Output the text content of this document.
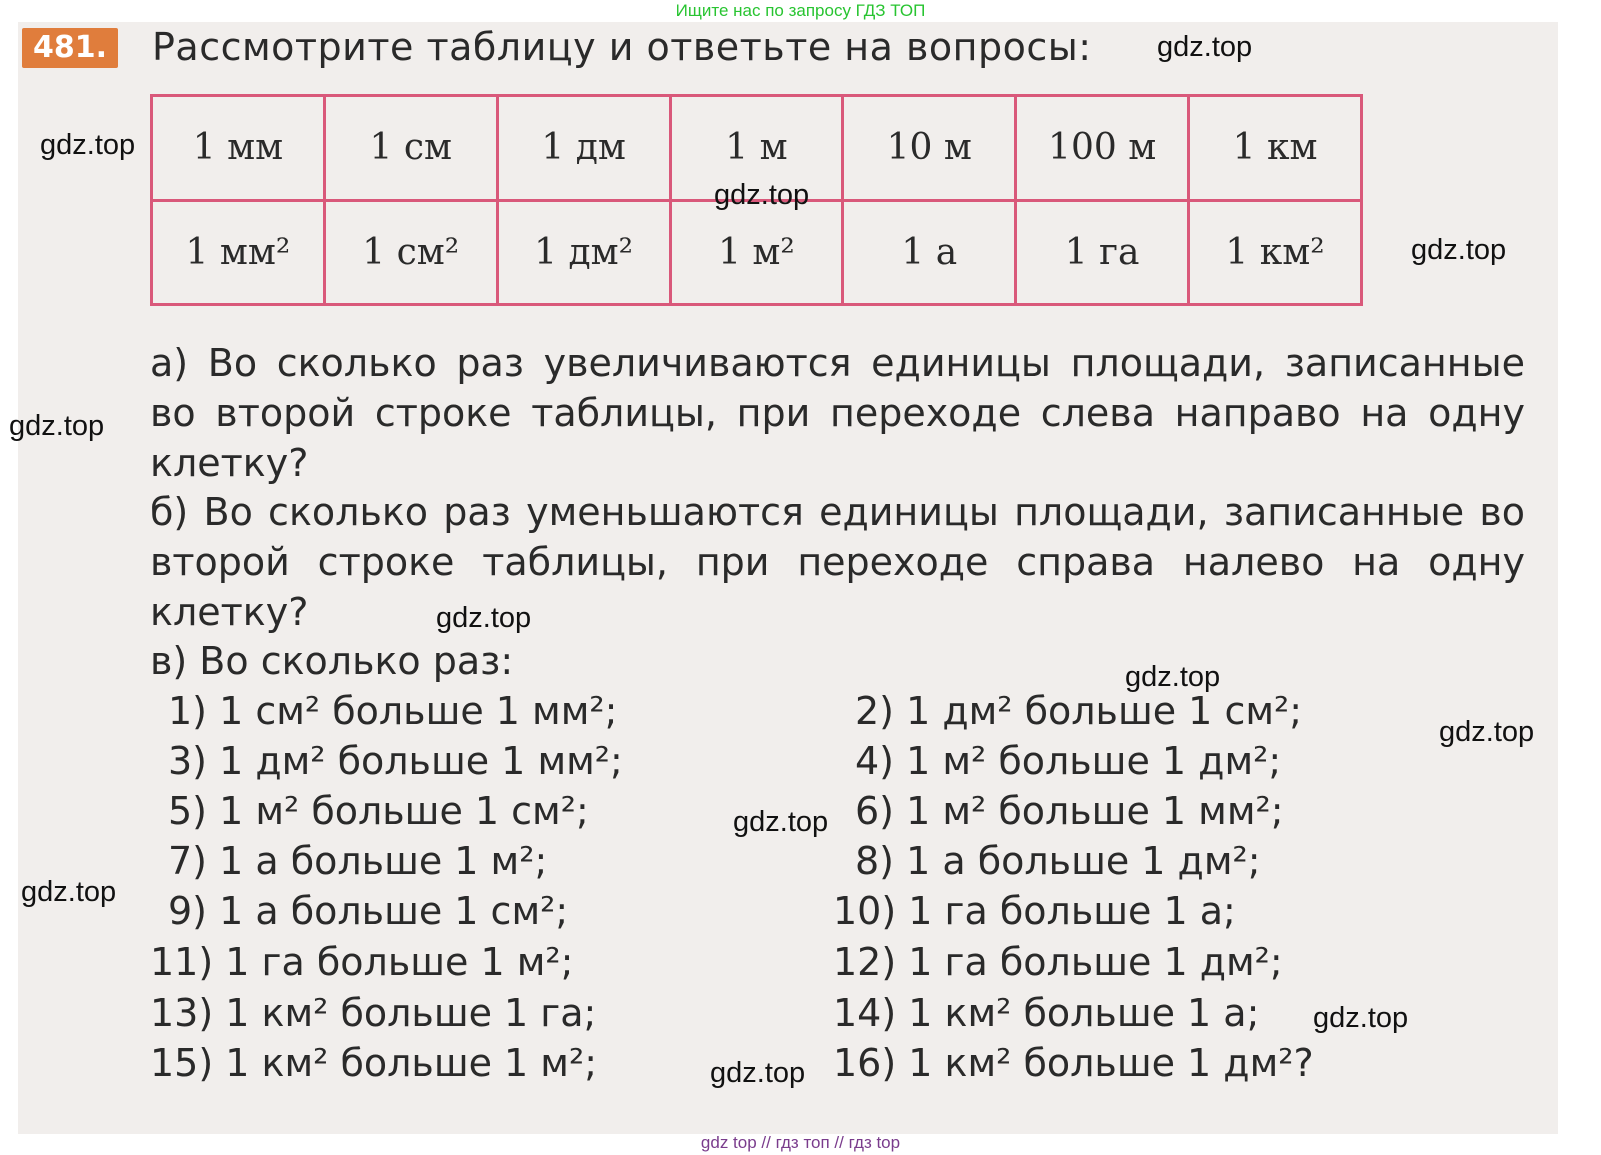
Ищите нас по запросу ГДЗ ТОП
481. Рассмотрите таблицу и ответьте на вопросы:
1 мм	1 см	1 дм	1 м	10 м	100 м	1 км
1 мм²	1 см²	1 дм²	1 м²	1 а	1 га	1 км²
а) Во сколько раз увеличиваются единицы площади, записанные во второй строке таблицы, при переходе слева направо на одну клетку?
б) Во сколько раз уменьшаются единицы площади, записанные во второй строке таблицы, при переходе справа налево на одну клетку?
в) Во сколько раз:
1) 1 см² больше 1 мм²;	2) 1 дм² больше 1 см²;
3) 1 дм² больше 1 мм²;	4) 1 м² больше 1 дм²;
5) 1 м² больше 1 см²;	6) 1 м² больше 1 мм²;
7) 1 а больше 1 м²;	8) 1 а больше 1 дм²;
9) 1 а больше 1 см²;	10) 1 га больше 1 а;
11) 1 га больше 1 м²;	12) 1 га больше 1 дм²;
13) 1 км² больше 1 га;	14) 1 км² больше 1 а;
15) 1 км² больше 1 м²;	16) 1 км² больше 1 дм²?
gdz.top
gdz.top
gdz.top
gdz.top
gdz.top
gdz.top
gdz.top
gdz.top
gdz.top
gdz.top
gdz.top
gdz.top
gdz top // гдз топ // гдз top
